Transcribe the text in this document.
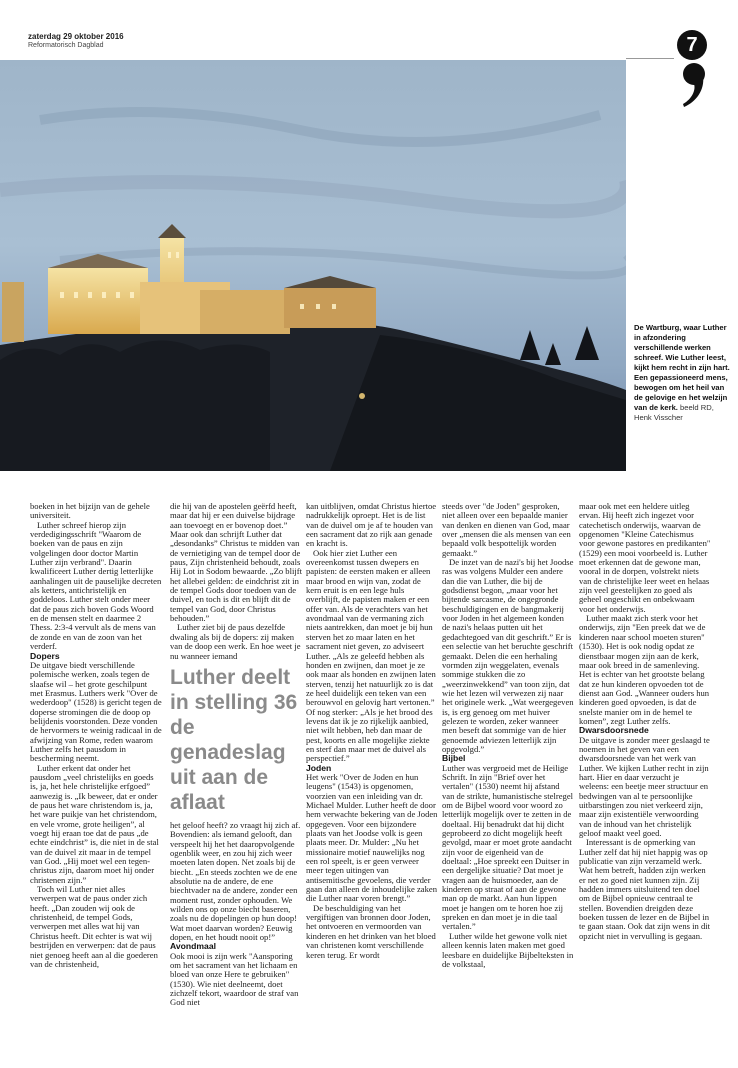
zaterdag 29 oktober 2016
Reformatorisch Dagblad	7
De Wartburg, waar Luther in afzondering verschillende werken schreef. Wie Luther leest, kijkt hem recht in zijn hart. Een gepassioneerd mens, bewogen om het heil van de gelovige en het welzijn van de kerk. beeld RD, Henk Visscher

boeken in het bijzijn van de gehele universiteit.

Luther schreef hierop zijn verdedigingsschrift "Waarom de boeken van de paus en zijn volgelingen door doctor Martin Luther zijn verbrand". Daarin kwalificeert Luther dertig letterlijke aanhalingen uit de pauselijke decreten als ketters, antichristelijk en goddeloos. Luther stelt onder meer dat de paus zich boven Gods Woord en de mensen stelt en daarmee 2 Thess. 2:3-4 vervult als de mens van de zonde en van de zoon van het verderf.

Dopers

De uitgave biedt verschillende polemische werken, zoals tegen de slaafse wil – het grote geschilpunt met Erasmus. Luthers werk "Over de wederdoop" (1528) is gericht tegen de doperse stromingen die de doop op belijdenis voorstonden. Deze vonden de hervormers te weinig radicaal in de afwijzing van Rome, reden waarom Luther zelfs het pausdom in bescherming neemt.

Luther erkent dat onder het pausdom „veel christelijks en goeds is, ja, het hele christelijke erfgoed” aanwezig is. „Ik beweer, dat er onder de paus het ware christendom is, ja, het ware puikje van het christendom, en vele vrome, grote heiligen”, al voegt hij eraan toe dat de paus „de echte eindchrist” is, die niet in de stal van de duivel zit maar in de tempel van God. „Hij moet wel een tegen-christus zijn, daarom moet hij onder christenen zijn.”

Toch wil Luther niet alles verwerpen wat de paus onder zich heeft. „Dan zouden wij ook de christenheid, de tempel Gods, verwerpen met alles wat hij van Christus heeft. Dit echter is wat wij bestrijden en verwerpen: dat de paus niet genoeg heeft aan al die goederen van de christenheid,

die hij van de apostelen geërfd heeft, maar dat hij er een duivelse bijdrage aan toevoegt en er bovenop doet.” Maar ook dan schrijft Luther dat „desondanks” Christus te midden van de vernietiging van de tempel door de paus, Zijn christenheid behoudt, zoals Hij Lot in Sodom bewaarde. „Zo blijft het allebei gelden: de eindchrist zit in de tempel Gods door toedoen van de duivel, en toch is dit en blijft dit de tempel van God, door Christus behouden.”

Luther ziet bij de paus dezelfde dwaling als bij de dopers: zij maken van de doop een werk. En hoe weet je nu wanneer iemand

Luther deelt in stelling 36 de genadeslag uit aan de aflaat

het geloof heeft? zo vraagt hij zich af. Bovendien: als iemand gelooft, dan verspeelt hij het het daaropvolgende ogenblik weer, en zou hij zich weer moeten laten dopen. Net zoals bij de biecht. „En steeds zochten we de ene absolutie na de andere, de ene biechtvader na de andere, zonder een moment rust, zonder ophouden. We wilden ons op onze biecht baseren, zoals nu de dopelingen op hun doop! Wat moet daarvan worden? Eeuwig dopen, en het houdt nooit op!”

Avondmaal

Ook mooi is zijn werk "Aansporing om het sacrament van het lichaam en bloed van onze Here te gebruiken" (1530). Wie niet deelneemt, doet zichzelf tekort, waardoor de straf van God niet

kan uitblijven, omdat Christus hiertoe nadrukkelijk oproept. Het is de list van de duivel om je af te houden van een sacrament dat zo rijk aan genade en kracht is.

Ook hier ziet Luther een overeenkomst tussen dwepers en papisten: de eersten maken er alleen maar brood en wijn van, zodat de kern eruit is en een lege huls overblijft, de papisten maken er een offer van. Als de verachters van het avondmaal van de vermaning zich niets aantrekken, dan moet je bij hun sterven het zo maar laten en het sacrament niet geven, zo adviseert Luther. „Als ze geleefd hebben als honden en zwijnen, dan moet je ze ook maar als honden en zwijnen laten sterven, tenzij het natuurlijk zo is dat ze heel duidelijk een teken van een berouwvol en gelovig hart vertonen.” Of nog sterker: „Als je het brood des levens dat ik je zo rijkelijk aanbied, niet wilt hebben, heb dan maar de pest, koorts en alle mogelijke ziekte en sterf dan maar met de duivel als perspectief.”

Joden

Het werk "Over de Joden en hun leugens" (1543) is opgenomen, voorzien van een inleiding van dr. Michael Mulder. Luther heeft de door hem verwachte bekering van de Joden opgegeven. Voor een bijzondere plaats van het Joodse volk is geen plaats meer. Dr. Mulder: „Nu het missionaire motief nauwelijks nog een rol speelt, is er geen verweer meer tegen uitingen van antisemitische gevoelens, die verder gaan dan alleen de inhoudelijke zaken die Luther naar voren brengt.”

De beschuldiging van het vergiftigen van bronnen door Joden, het ontvoeren en vermoorden van kinderen en het drinken van het bloed van christenen komt verschillende keren terug. Er wordt

steeds over "de Joden" gesproken, niet alleen over een bepaalde manier van denken en dienen van God, maar over „mensen die als mensen van een bepaald volk bespottelijk worden gemaakt.”

De inzet van de nazi's bij het Joodse ras was volgens Mulder een andere dan die van Luther, die bij de godsdienst begon, „maar voor het bijtende sarcasme, de ongegronde beschuldigingen en de bangmakerij voor Joden in het algemeen konden de nazi's helaas putten uit het gedachtegoed van dit geschrift.” Er is een selectie van het beruchte geschrift gemaakt. Delen die een herhaling vormden zijn weggelaten, evenals sommige stukken die zo „weerzinwekkend” van toon zijn, dat wie het lezen wil verwezen zij naar het originele werk. „Wat weergegeven is, is erg genoeg om met huiver gelezen te worden, zeker wanneer men beseft dat sommige van de hier genoemde adviezen letterlijk zijn opgevolgd.”

Bijbel

Luther was vergroeid met de Heilige Schrift. In zijn "Brief over het vertalen" (1530) neemt hij afstand van de strikte, humanistische stelregel om de Bijbel woord voor woord zo letterlijk mogelijk over te zetten in de doeltaal. Hij benadrukt dat hij dicht geprobeerd zo dicht mogelijk heeft gevolgd, maar er moet grote aandacht zijn voor de eigenheid van de doeltaal: „Hoe spreekt een Duitser in een dergelijke situatie? Dat moet je vragen aan de huismoeder, aan de kinderen op straat of aan de gewone man op de markt. Aan hun lippen moet je hangen om te horen hoe zij spreken en dan moet je in die taal vertalen.”

Luther wilde het gewone volk niet alleen kennis laten maken met goed leesbare en duidelijke Bijbelteksten in de volkstaal,

maar ook met een heldere uitleg ervan. Hij heeft zich ingezet voor catechetisch onderwijs, waarvan de opgenomen "Kleine Catechismus voor gewone pastores en predikanten" (1529) een mooi voorbeeld is. Luther moet erkennen dat de gewone man, vooral in de dorpen, volstrekt niets van de christelijke leer weet en helaas zijn veel geestelijken zo goed als geheel ongeschikt en onbekwaam voor het onderwijs.

Luther maakt zich sterk voor het onderwijs, zijn "Een preek dat we de kinderen naar school moeten sturen" (1530). Het is ook nodig opdat ze dienstbaar mogen zijn aan de kerk, maar ook breed in de samenleving. Het is echter van het grootste belang dat ze hun kinderen opvoeden tot de dienst aan God. „Wanneer ouders hun kinderen goed opvoeden, is dat de snelste manier om in de hemel te komen”, zegt Luther zelfs.

Dwarsdoorsnede

De uitgave is zonder meer geslaagd te noemen in het geven van een dwarsdoorsnede van het werk van Luther. We kijken Luther recht in zijn hart. Hier en daar verzucht je weleens: een beetje meer structuur en bedwingen van al te persoonlijke uitbarstingen zou niet verkeerd zijn, maar zijn existentiële verwoording van de inhoud van het christelijk geloof maakt veel goed.

Interessant is de opmerking van Luther zelf dat hij niet happig was op publicatie van zijn verzameld werk. Wat hem betreft, hadden zijn werken er net zo goed niet kunnen zijn. Zij hadden immers uitsluitend ten doel om de Bijbel opnieuw centraal te stellen. Bovendien dreigden deze boeken tussen de lezer en de Bijbel in te gaan staan. Ook dat zijn wens in dit opzicht niet in vervulling is gegaan.
